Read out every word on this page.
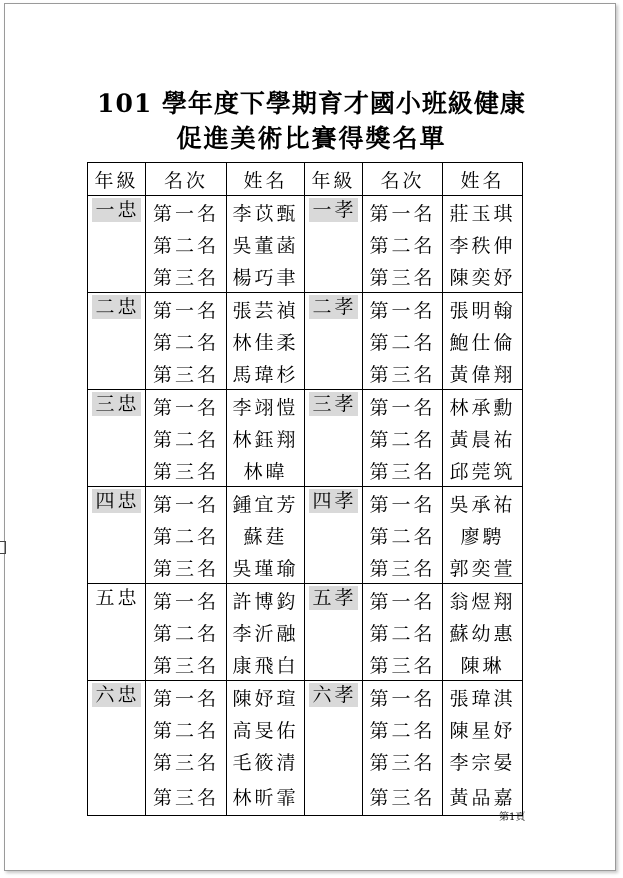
101 學年度下學期育才國小班級健康
促進美術比賽得獎名單
年級	名次	姓名	年級	名次	姓名
一忠	第一名	李苡甄	一孝	第一名	莊玉琪
	第二名	吳董菡		第二名	李秩伸
	第三名	楊巧聿		第三名	陳奕妤
二忠	第一名	張芸禎	二孝	第一名	張明翰
	第二名	林佳柔		第二名	鮑仕倫
	第三名	馬瑋杉		第三名	黃偉翔
三忠	第一名	李翊愷	三孝	第一名	林承勳
	第二名	林鈺翔		第二名	黃晨祐
	第三名	林暐		第三名	邱莞筑
四忠	第一名	鍾宜芳	四孝	第一名	吳承祐
	第二名	蘇莛		第二名	廖騁
	第三名	吳瑾瑜		第三名	郭奕萱
五忠	第一名	許博鈞	五孝	第一名	翁煜翔
	第二名	李沂融		第二名	蘇幼惠
	第三名	康飛白		第三名	陳琳
六忠	第一名	陳妤瑄	六孝	第一名	張瑋淇
	第二名	高旻佑		第二名	陳星妤
	第三名	毛筱清		第三名	李宗晏
	第三名	林昕霏		第三名	黃品嘉
第1頁
